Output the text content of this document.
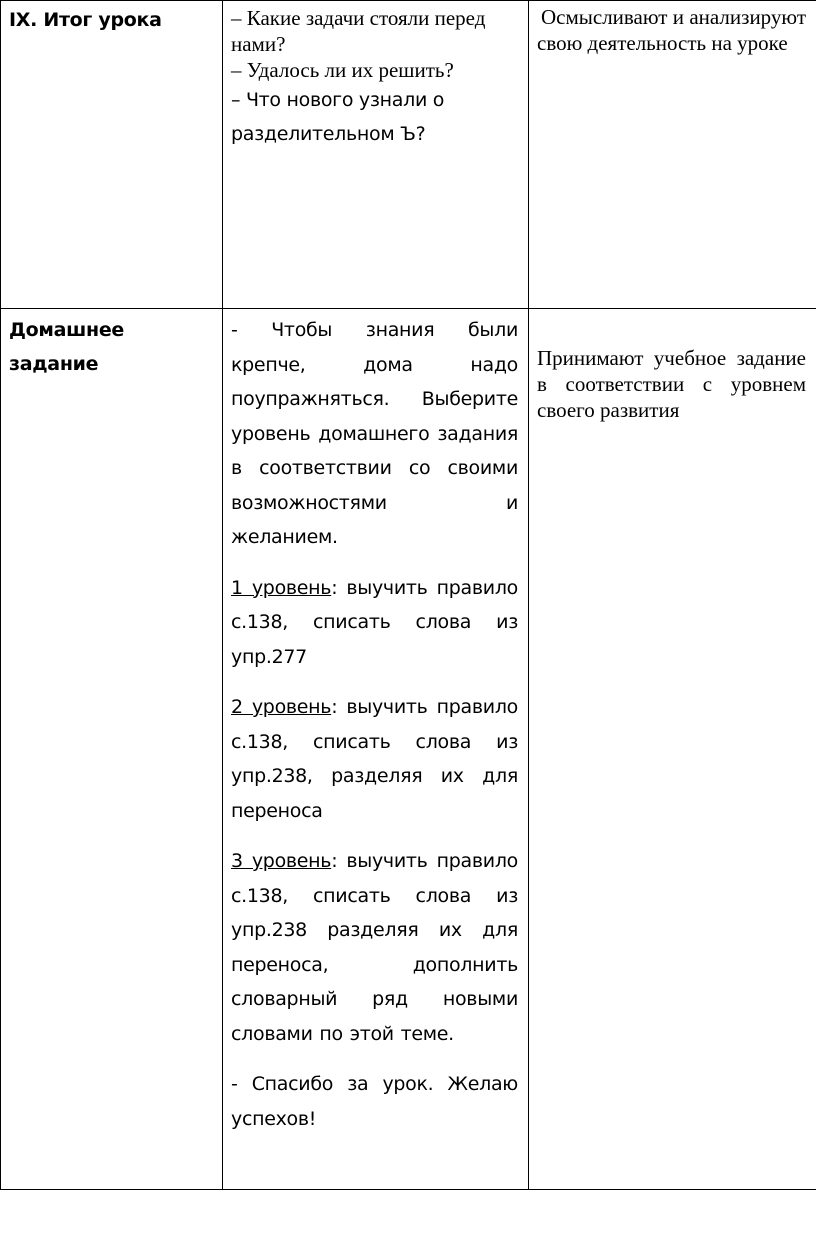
IX. Итог урока	– Какие задачи стояли перед нами?
– Удалось ли их решить?
– Что нового узнали о разделительном Ъ?	Осмысливают и анализируют свою деятельность на уроке

Домашнее задание	- Чтобы знания были крепче, дома надо поупражняться. Выберите уровень домашнего задания в соответствии со своими возможностями и желанием.

1 уровень: выучить правило с.138, списать слова из упр.277

2 уровень: выучить правило с.138, списать слова из упр.238, разделяя их для переноса

3 уровень: выучить правило с.138, списать слова из упр.238 разделяя их для переноса, дополнить словарный ряд новыми словами по этой теме.

- Спасибо за урок. Желаю успехов!	Принимают учебное задание в соответствии с уровнем своего развития
